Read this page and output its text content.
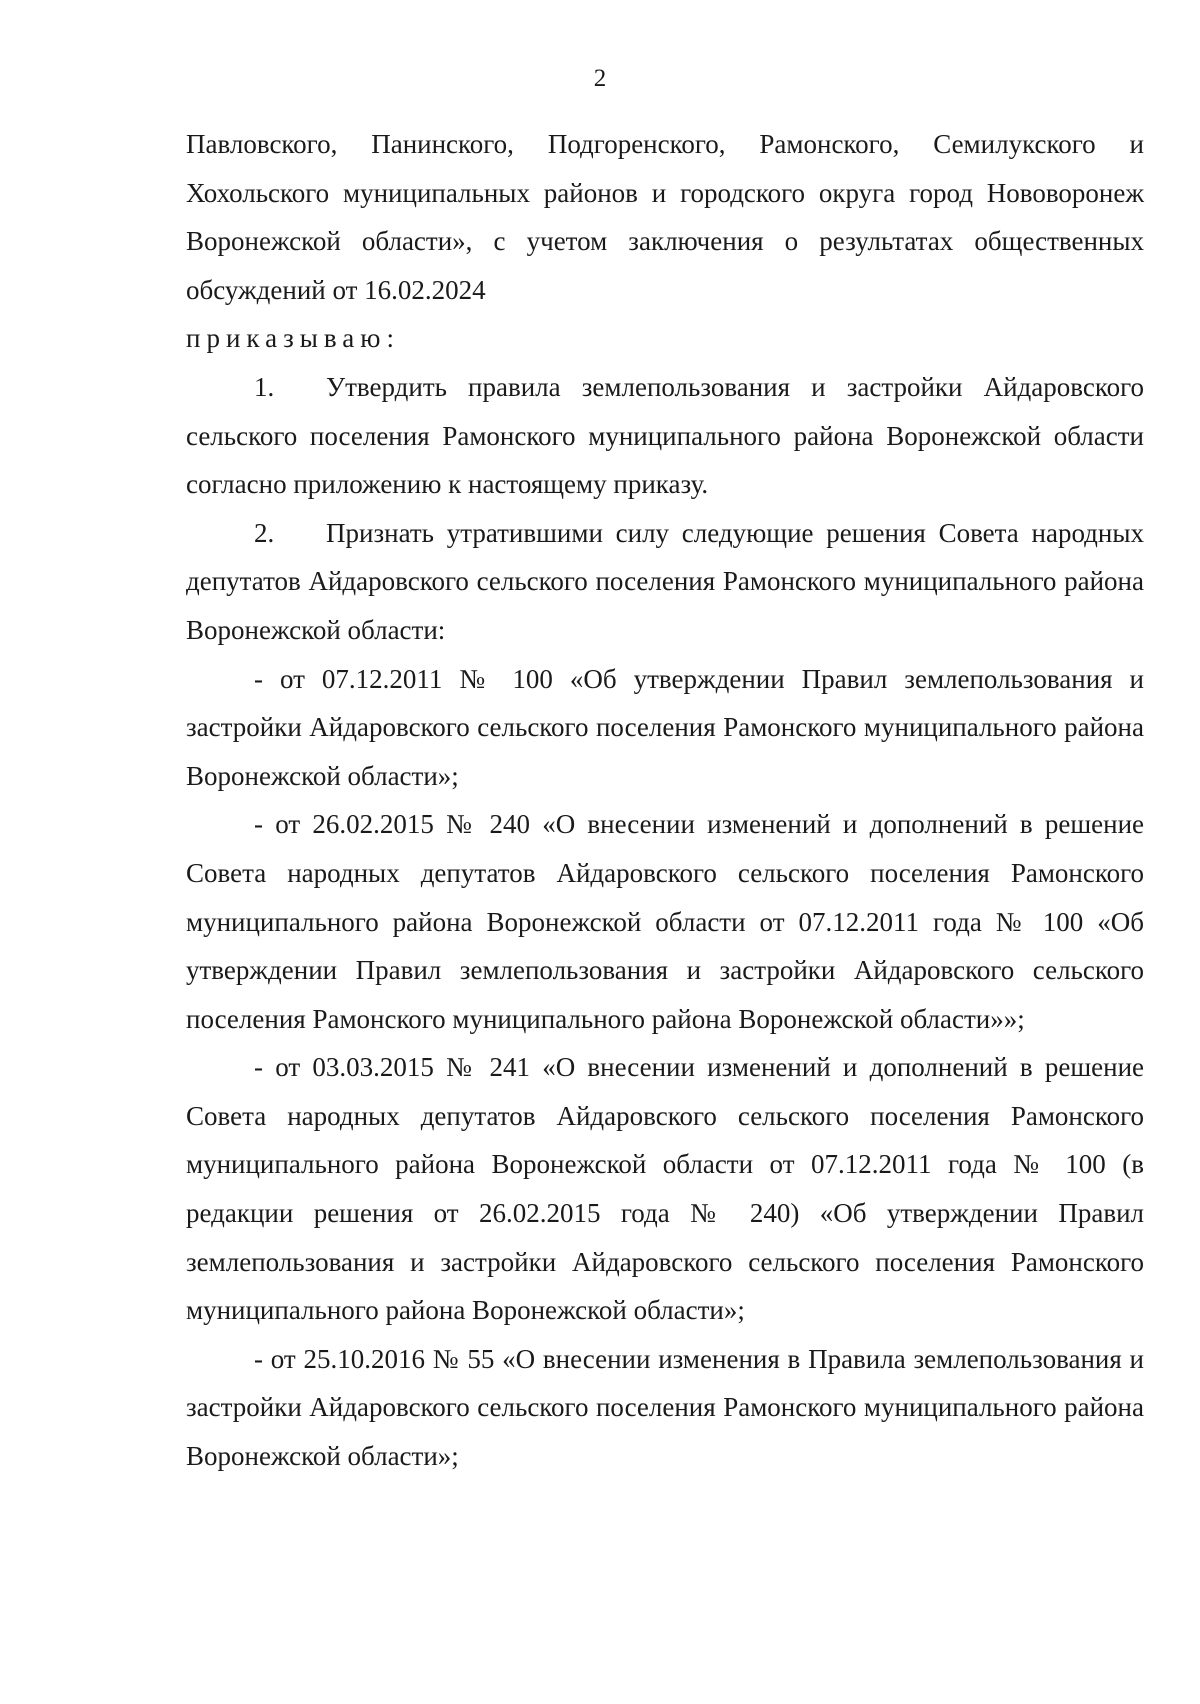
2

Павловского, Панинского, Подгоренского, Рамонского, Семилукского и Хохольского муниципальных районов и городского округа город Нововоронеж Воронежской области», с учетом заключения о результатах общественных обсуждений от 16.02.2024

приказываю:

1. Утвердить правила землепользования и застройки Айдаровского сельского поселения Рамонского муниципального района Воронежской области согласно приложению к настоящему приказу.

2. Признать утратившими силу следующие решения Совета народных депутатов Айдаровского сельского поселения Рамонского муниципального района Воронежской области:

- от 07.12.2011 № 100 «Об утверждении Правил землепользования и застройки Айдаровского сельского поселения Рамонского муниципального района Воронежской области»;

- от 26.02.2015 № 240 «О внесении изменений и дополнений в решение Совета народных депутатов Айдаровского сельского поселения Рамонского муниципального района Воронежской области от 07.12.2011 года № 100 «Об утверждении Правил землепользования и застройки Айдаровского сельского поселения Рамонского муниципального района Воронежской области»»;

- от 03.03.2015 № 241 «О внесении изменений и дополнений в решение Совета народных депутатов Айдаровского сельского поселения Рамонского муниципального района Воронежской области от 07.12.2011 года № 100 (в редакции решения от 26.02.2015 года № 240) «Об утверждении Правил землепользования и застройки Айдаровского сельского поселения Рамонского муниципального района Воронежской области»;

- от 25.10.2016 № 55 «О внесении изменения в Правила землепользования и застройки Айдаровского сельского поселения Рамонского муниципального района Воронежской области»;
